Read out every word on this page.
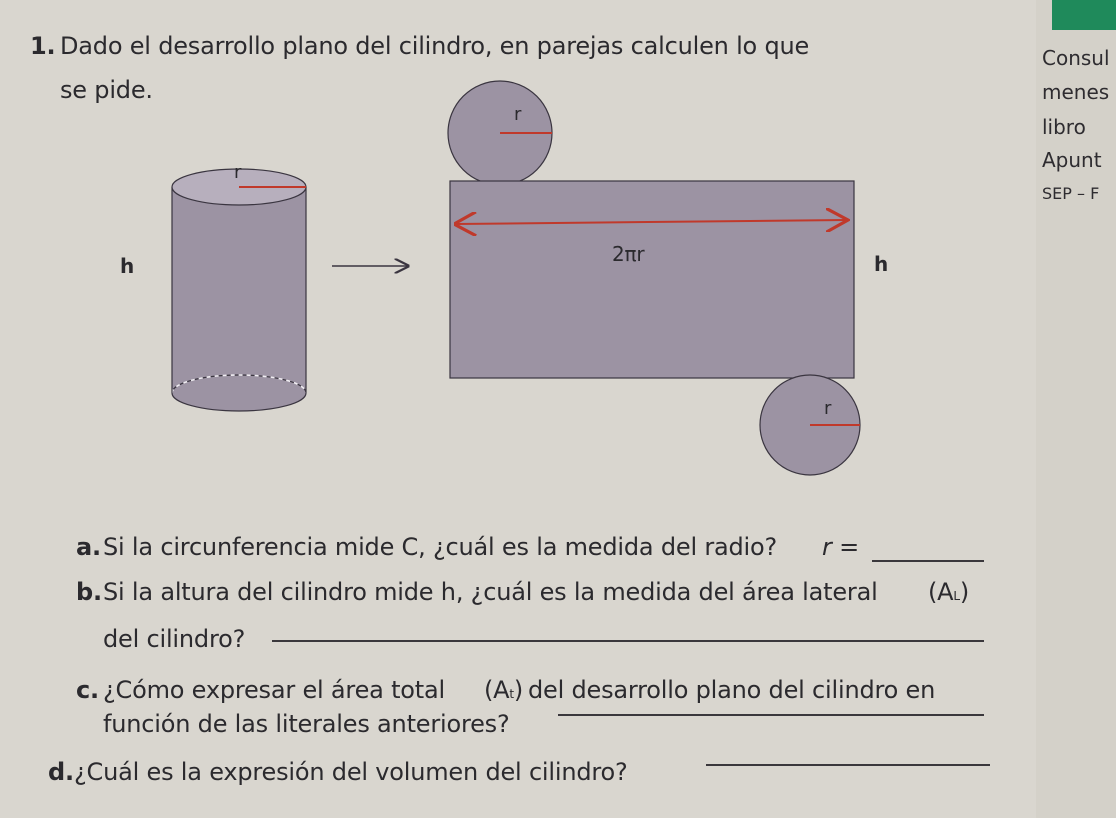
Consul
menes
libro
Apunt
SEP – F
1. Dado el desarrollo plano del cilindro, en parejas calculen lo que
se pide.
r
h
r
2πr	h
r
a. Si la circunferencia mide C, ¿cuál es la medida del radio? r =
b. Si la altura del cilindro mide h, ¿cuál es la medida del área lateral (AL)
del cilindro?
c. ¿Cómo expresar el área total (At) del desarrollo plano del cilindro en
función de las literales anteriores?
d. ¿Cuál es la expresión del volumen del cilindro?
